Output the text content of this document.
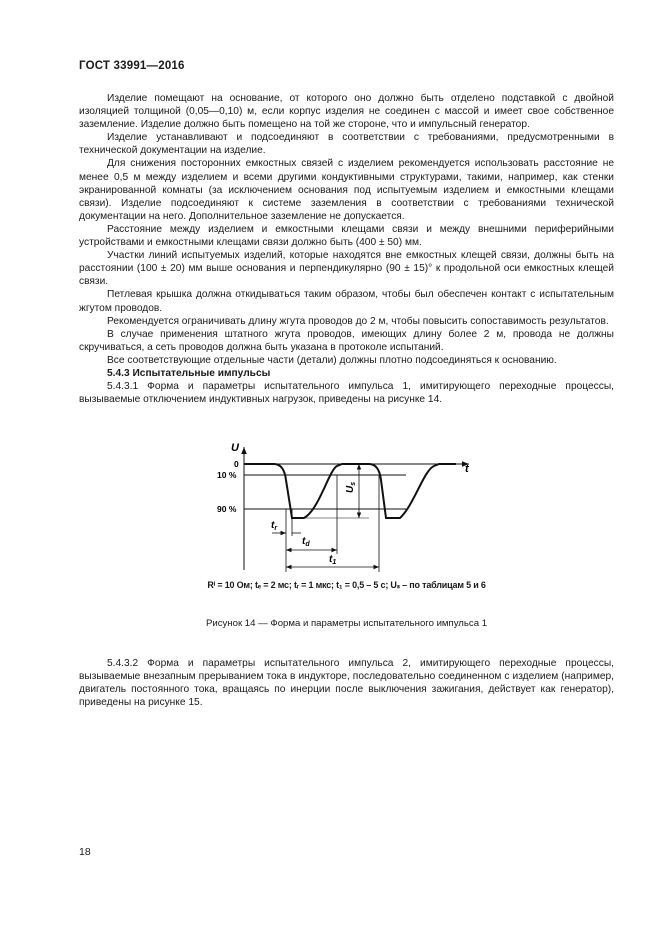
ГОСТ 33991—2016

Изделие помещают на основание, от которого оно должно быть отделено подставкой с двойной изоляцией толщиной (0,05—0,10) м, если корпус изделия не соединен с массой и имеет свое собственное заземление. Изделие должно быть помещено на той же стороне, что и импульсный генератор.

Изделие устанавливают и подсоединяют в соответствии с требованиями, предусмотренными в технической документации на изделие.

Для снижения посторонних емкостных связей с изделием рекомендуется использовать расстояние не менее 0,5 м между изделием и всеми другими кондуктивными структурами, такими, например, как стенки экранированной комнаты (за исключением основания под испытуемым изделием и емкостными клещами связи). Изделие подсоединяют к системе заземления в соответствии с требованиями технической документации на него. Дополнительное заземление не допускается.

Расстояние между изделием и емкостными клещами связи и между внешними периферийными устройствами и емкостными клещами связи должно быть (400 ± 50) мм.

Участки линий испытуемых изделий, которые находятся вне емкостных клещей связи, должны быть на расстоянии (100 ± 20) мм выше основания и перпендикулярно (90 ± 15)° к продольной оси емкостных клещей связи.

Петлевая крышка должна откидываться таким образом, чтобы был обеспечен контакт с испытательным жгутом проводов.

Рекомендуется ограничивать длину жгута проводов до 2 м, чтобы повысить сопоставимость результатов.

В случае применения штатного жгута проводов, имеющих длину более 2 м, провода не должны скручиваться, а сеть проводов должна быть указана в протоколе испытаний.

Все соответствующие отдельные части (детали) должны плотно подсоединяться к основанию.

5.4.3 Испытательные импульсы

5.4.3.1 Форма и параметры испытательного импульса 1, имитирующего переходные процессы, вызываемые отключением индуктивных нагрузок, приведены на рисунке 14.

U
t
0
10 %
90 %
$U_s$
$t_r$
$t_d$
$t_1$
Rⁱ = 10 Ом; tₑ = 2 мс; tᵣ = 1 мкс; t₁ = 0,5 – 5 с; Uₛ – по таблицам 5 и 6
Рисунок 14 — Форма и параметры испытательного импульса 1

5.4.3.2 Форма и параметры испытательного импульса 2, имитирующего переходные процессы, вызываемые внезапным прерыванием тока в индукторе, последовательно соединенном с изделием (например, двигатель постоянного тока, вращаясь по инерции после выключения зажигания, действует как генератор), приведены на рисунке 15.

18
